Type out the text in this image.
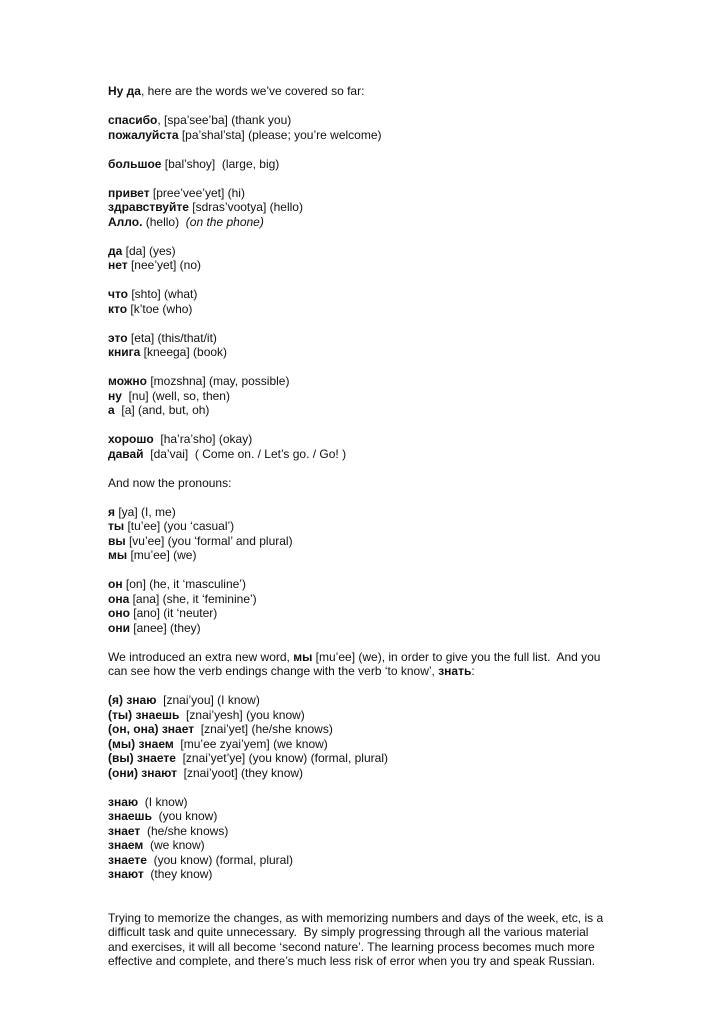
Ну да, here are the words we’ve covered so far:
спасибо, [spa’see’ba] (thank you)
пожалуйста [pa’shal’sta] (please; you’re welcome)
большое [bal’shoy]  (large, big)
привет [pree’vee’yet] (hi)
здравствуйте [sdras’vootya] (hello)
Алло. (hello)  (on the phone)
да [da] (yes)
нет [nee’yet] (no)
что [shto] (what)
кто [k’toe (who)
это [eta] (this/that/it)
книга [kneega] (book)
можно [mozshna] (may, possible)
ну  [nu] (well, so, then)
а  [a] (and, but, oh)
хорошо  [ha’ra’sho] (okay)
давай  [da’vai]  ( Come on. / Let’s go. / Go! )
And now the pronouns:
я [ya] (I, me)
ты [tu’ee] (you ‘casual’)
вы [vu’ee] (you ‘formal’ and plural)
мы [mu’ee] (we)
он [on] (he, it ‘masculine’)
она [ana] (she, it ‘feminine’)
оно [ano] (it ‘neuter)
они [anee] (they)
We introduced an extra new word, мы [mu’ee] (we), in order to give you the full list.  And you
can see how the verb endings change with the verb ‘to know’, знать:
(я) знаю  [znai’you] (I know)
(ты) знаешь  [znai’yesh] (you know)
(он, она) знает  [znai’yet] (he/she knows)
(мы) знаем  [mu’ee zyai’yem] (we know)
(вы) знаете  [znai’yet’ye] (you know) (formal, plural)
(они) знают  [znai’yoot] (they know)
знаю  (I know)
знаешь  (you know)
знает  (he/she knows)
знаем  (we know)
знаете  (you know) (formal, plural)
знают  (they know)
Trying to memorize the changes, as with memorizing numbers and days of the week, etc, is a
difficult task and quite unnecessary.  By simply progressing through all the various material
and exercises, it will all become ‘second nature’. The learning process becomes much more
effective and complete, and there’s much less risk of error when you try and speak Russian.
